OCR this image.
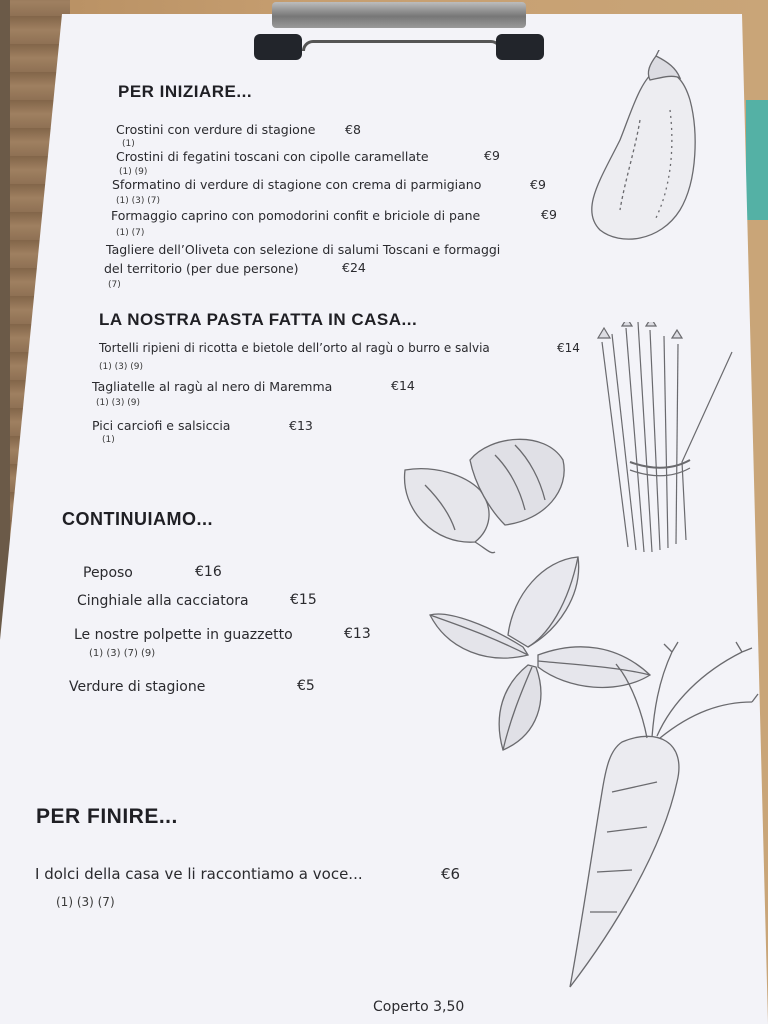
PER INIZIARE...
Crostini con verdure di stagione €8
(1)
Crostini di fegatini toscani con cipolle caramellate	€9
(1) (9)
Sformatino di verdure di stagione con crema di parmigiano	€9
(1) (3) (7)
Formaggio caprino con pomodorini confit e briciole di pane	€9
(1) (7)
Tagliere dell’Oliveta con selezione di salumi Toscani e formaggi
del territorio (per due persone)	€24
(7)
LA NOSTRA PASTA FATTA IN CASA...
Tortelli ripieni di ricotta e bietole dell’orto al ragù o burro e salvia	€14
(1) (3) (9)
Tagliatelle al ragù al nero di Maremma	€14
(1) (3) (9)
Pici carciofi e salsiccia	€13
(1)
CONTINUIAMO...
Peposo	€16
Cinghiale alla cacciatora	€15
Le nostre polpette in guazzetto	€13
(1) (3) (7) (9)
Verdure di stagione	€5
PER FINIRE...
I dolci della casa ve li raccontiamo a voce...	€6
(1) (3) (7)
Coperto 3,50
